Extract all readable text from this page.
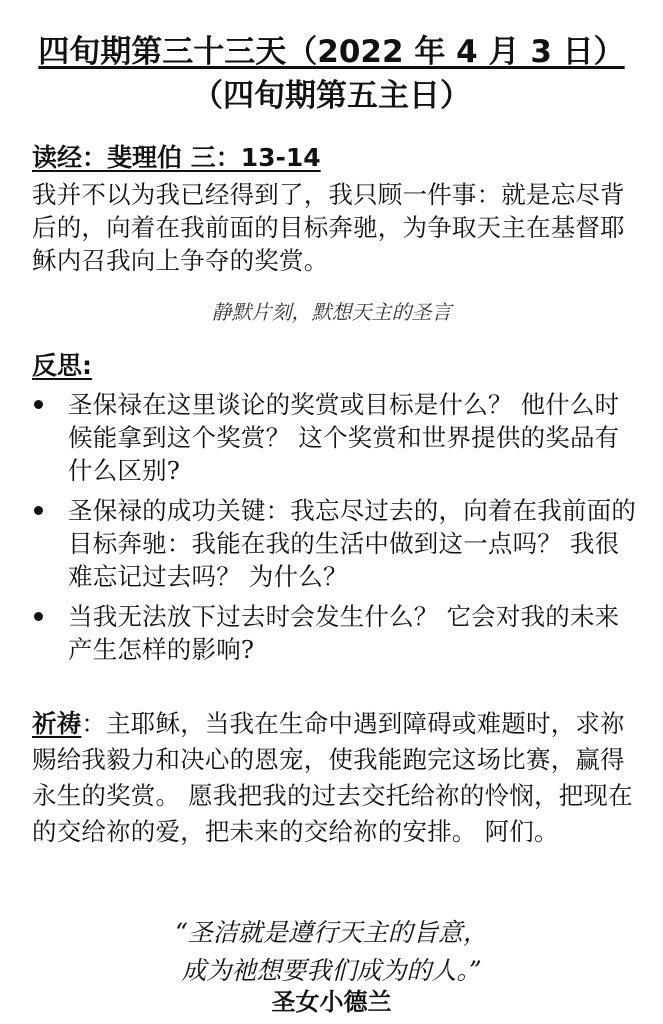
四旬期第三十三天（2022 年 4 月 3 日）
（四旬期第五主日）
读经：斐理伯 三：13-14

我并不以为我已经得到了，我只顾一件事：就是忘尽背后的，向着在我前面的目标奔驰，为争取天主在基督耶稣内召我向上争夺的奖赏。

静默片刻，默想天主的圣言

反思:
圣保禄在这里谈论的奖赏或目标是什么？ 他什么时候能拿到这个奖赏？ 这个奖赏和世界提供的奖品有什么区别?
圣保禄的成功关键：我忘尽过去的，向着在我前面的目标奔驰：我能在我的生活中做到这一点吗？ 我很难忘记过去吗？ 为什么？
当我无法放下过去时会发生什么？ 它会对我的未来产生怎样的影响?

祈祷：主耶稣，当我在生命中遇到障碍或难题时，求祢赐给我毅力和决心的恩宠，使我能跑完这场比赛，赢得永生的奖赏。 愿我把我的过去交托给祢的怜悯，把现在的交给祢的爱，把未来的交给祢的安排。 阿们。

“圣洁就是遵行天主的旨意，

成为祂想要我们成为的人。”

圣女小德兰
